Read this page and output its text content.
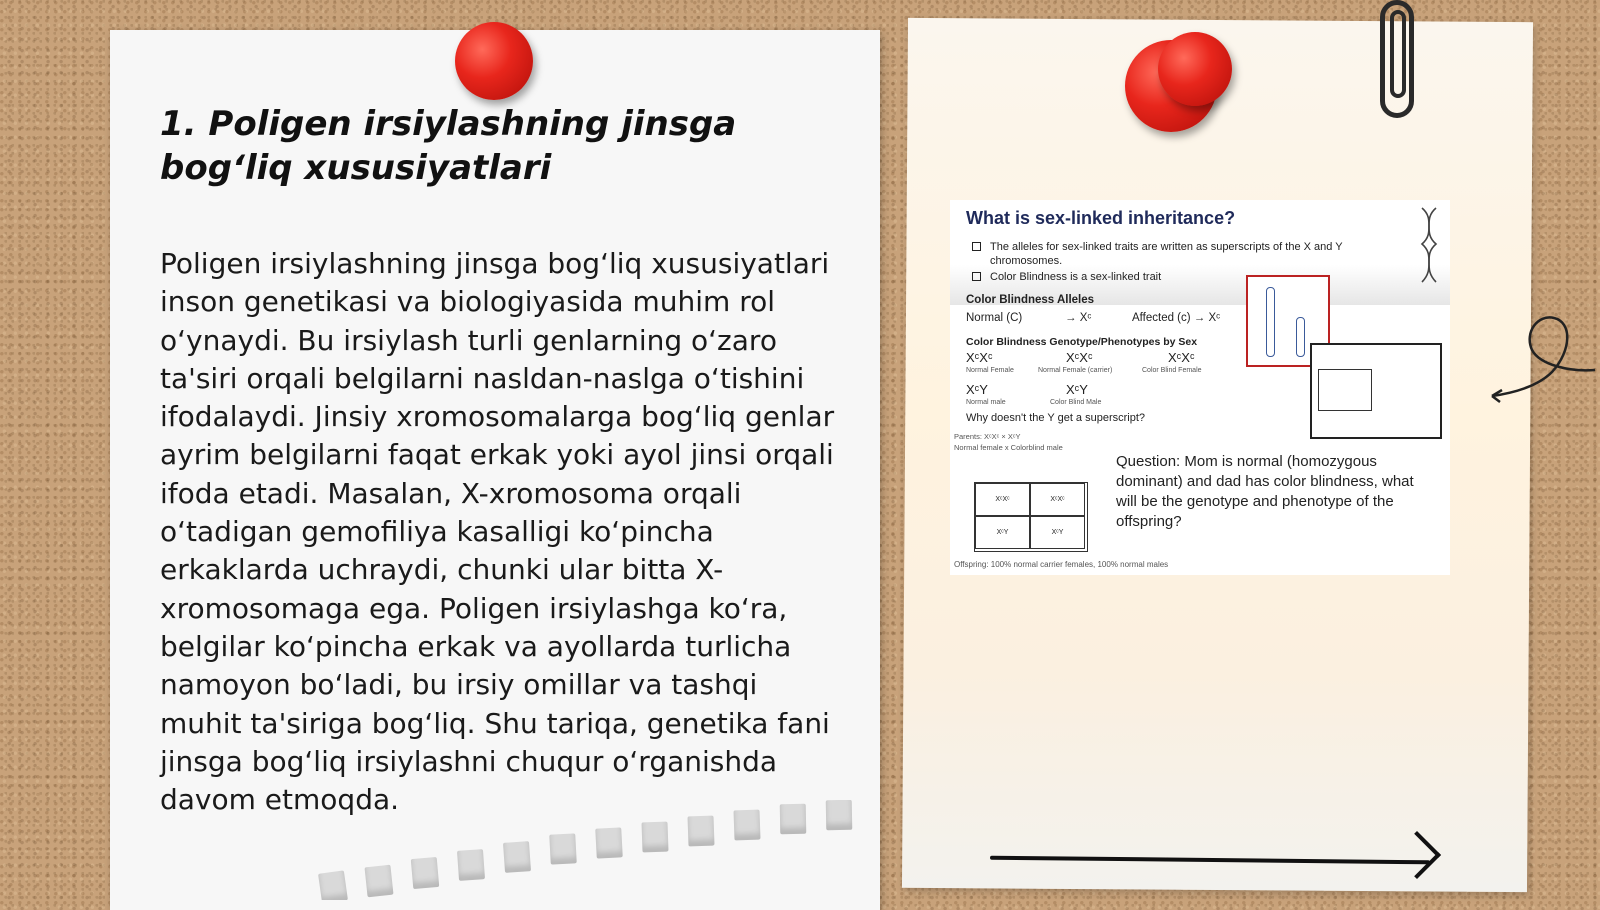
1. Poligen irsiylashning jinsga bog‘liq xususiyatlari

Poligen irsiylashning jinsga bog‘liq xususiyatlari inson genetikasi va biologiyasida muhim rol o‘ynaydi. Bu irsiylash turli genlarning o‘zaro ta'siri orqali belgilarni nasldan-naslga o‘tishini ifodalaydi. Jinsiy xromosomalarga bog‘liq genlar ayrim belgilarni faqat erkak yoki ayol jinsi orqali ifoda etadi. Masalan, X-xromosoma orqali o‘tadigan gemofiliya kasalligi ko‘pincha erkaklarda uchraydi, chunki ular bitta X-xromosomaga ega. Poligen irsiylashga ko‘ra, belgilar ko‘pincha erkak va ayollarda turlicha namoyon bo‘ladi, bu irsiy omillar va tashqi muhit ta'siriga bog‘liq. Shu tariqa, genetika fani jinsga bog‘liq irsiylashni chuqur o‘rganishda davom etmoqda.

What is sex-linked inheritance?
The alleles for sex-linked traits are written as superscripts of the X and Y chromosomes.
Color Blindness is a sex-linked trait
Color Blindness Alleles
Normal (C)	→ Xᶜ	Affected (c) → Xᶜ
Color Blindness Genotype/Phenotypes by Sex
XᶜXᶜ
Normal Female
XᶜXᶜ
Normal Female (carrier)
XᶜXᶜ
Color Blind Female
XᶜY
Normal male
XᶜY
Color Blind Male
Why doesn't the Y get a superscript?
Parents: XᶜXᶜ × XᶜY
Normal female x Colorblind male
XᶜXᶜ	XᶜXᶜ
XᶜY	XᶜY
Question: Mom is normal (homozygous dominant) and dad has color blindness, what will be the genotype and phenotype of the offspring?
Offspring: 100% normal carrier females, 100% normal males
